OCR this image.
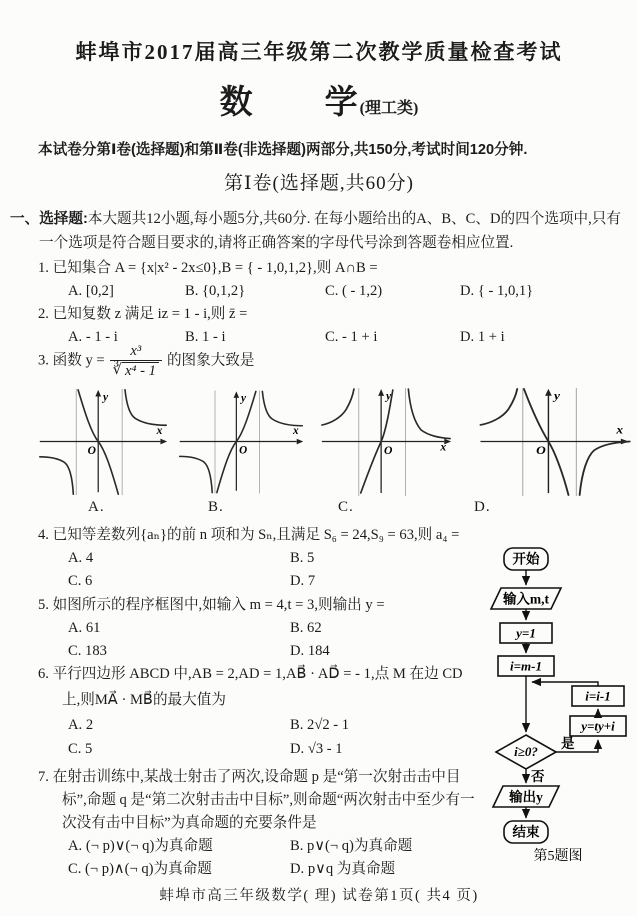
蚌埠市2017届高三年级第二次教学质量检查考试
数　　学(理工类)
本试卷分第Ⅰ卷(选择题)和第Ⅱ卷(非选择题)两部分,共150分,考试时间120分钟.
第Ⅰ卷(选择题,共60分)
一、选择题:本大题共12小题,每小题5分,共60分. 在每小题给出的A、B、C、D的四个选项中,只有一个选项是符合题目要求的,请将正确答案的字母代号涂到答题卷相应位置.
1. 已知集合 A = {x|x² - 2x≤0},B = { - 1,0,1,2},则 A∩B =
A. [0,2]	B. {0,1,2}	C. ( - 1,2)	D. { - 1,0,1}
2. 已知复数 z 满足 iz = 1 - i,则 z̄ =
A. - 1 - i	B. 1 - i	C. - 1 + i	D. 1 + i
3. 函数 $y = \frac{\text{x³}}{\text{∛ x⁴ - 1}}$ 的图象大致是
x
y
O
x
y
O	x
y
O
x
y
O
A.	B.	C.	D.
4. 已知等差数列{aₙ}的前 n 项和为 Sₙ,且满足 S₆ = 24,S₉ = 63,则 a₄ =
A. 4	B. 5
C. 6	D. 7
5. 如图所示的程序框图中,如输入 m = 4,t = 3,则输出 y =
A. 61	B. 62
C. 183	D. 184
6. 平行四边形 ABCD 中,AB = 2,AD = 1,AB⃗ · AD⃗ = - 1,点 M 在边 CD 上,则MA⃗ · MB⃗的最大值为
A. 2	B. 2√2 - 1
C. 5	D. √3 - 1
7. 在射击训练中,某战士射击了两次,设命题 p 是“第一次射击击中目标”,命题 q 是“第二次射击击中目标”,则命题“两次射击中至少有一次没有击中目标”为真命题的充要条件是
A. (¬ p)∨(¬ q)为真命题	B. p∨(¬ q)为真命题
C. (¬ p)∧(¬ q)为真命题	D. p∨q 为真命题
开始
输入m,t
y=1
i=m-1
i=i-1
y=ty+i
i≥0?
是
否
输出y
结束
第5题图
蚌埠市高三年级数学( 理) 试卷第1页( 共4 页)
